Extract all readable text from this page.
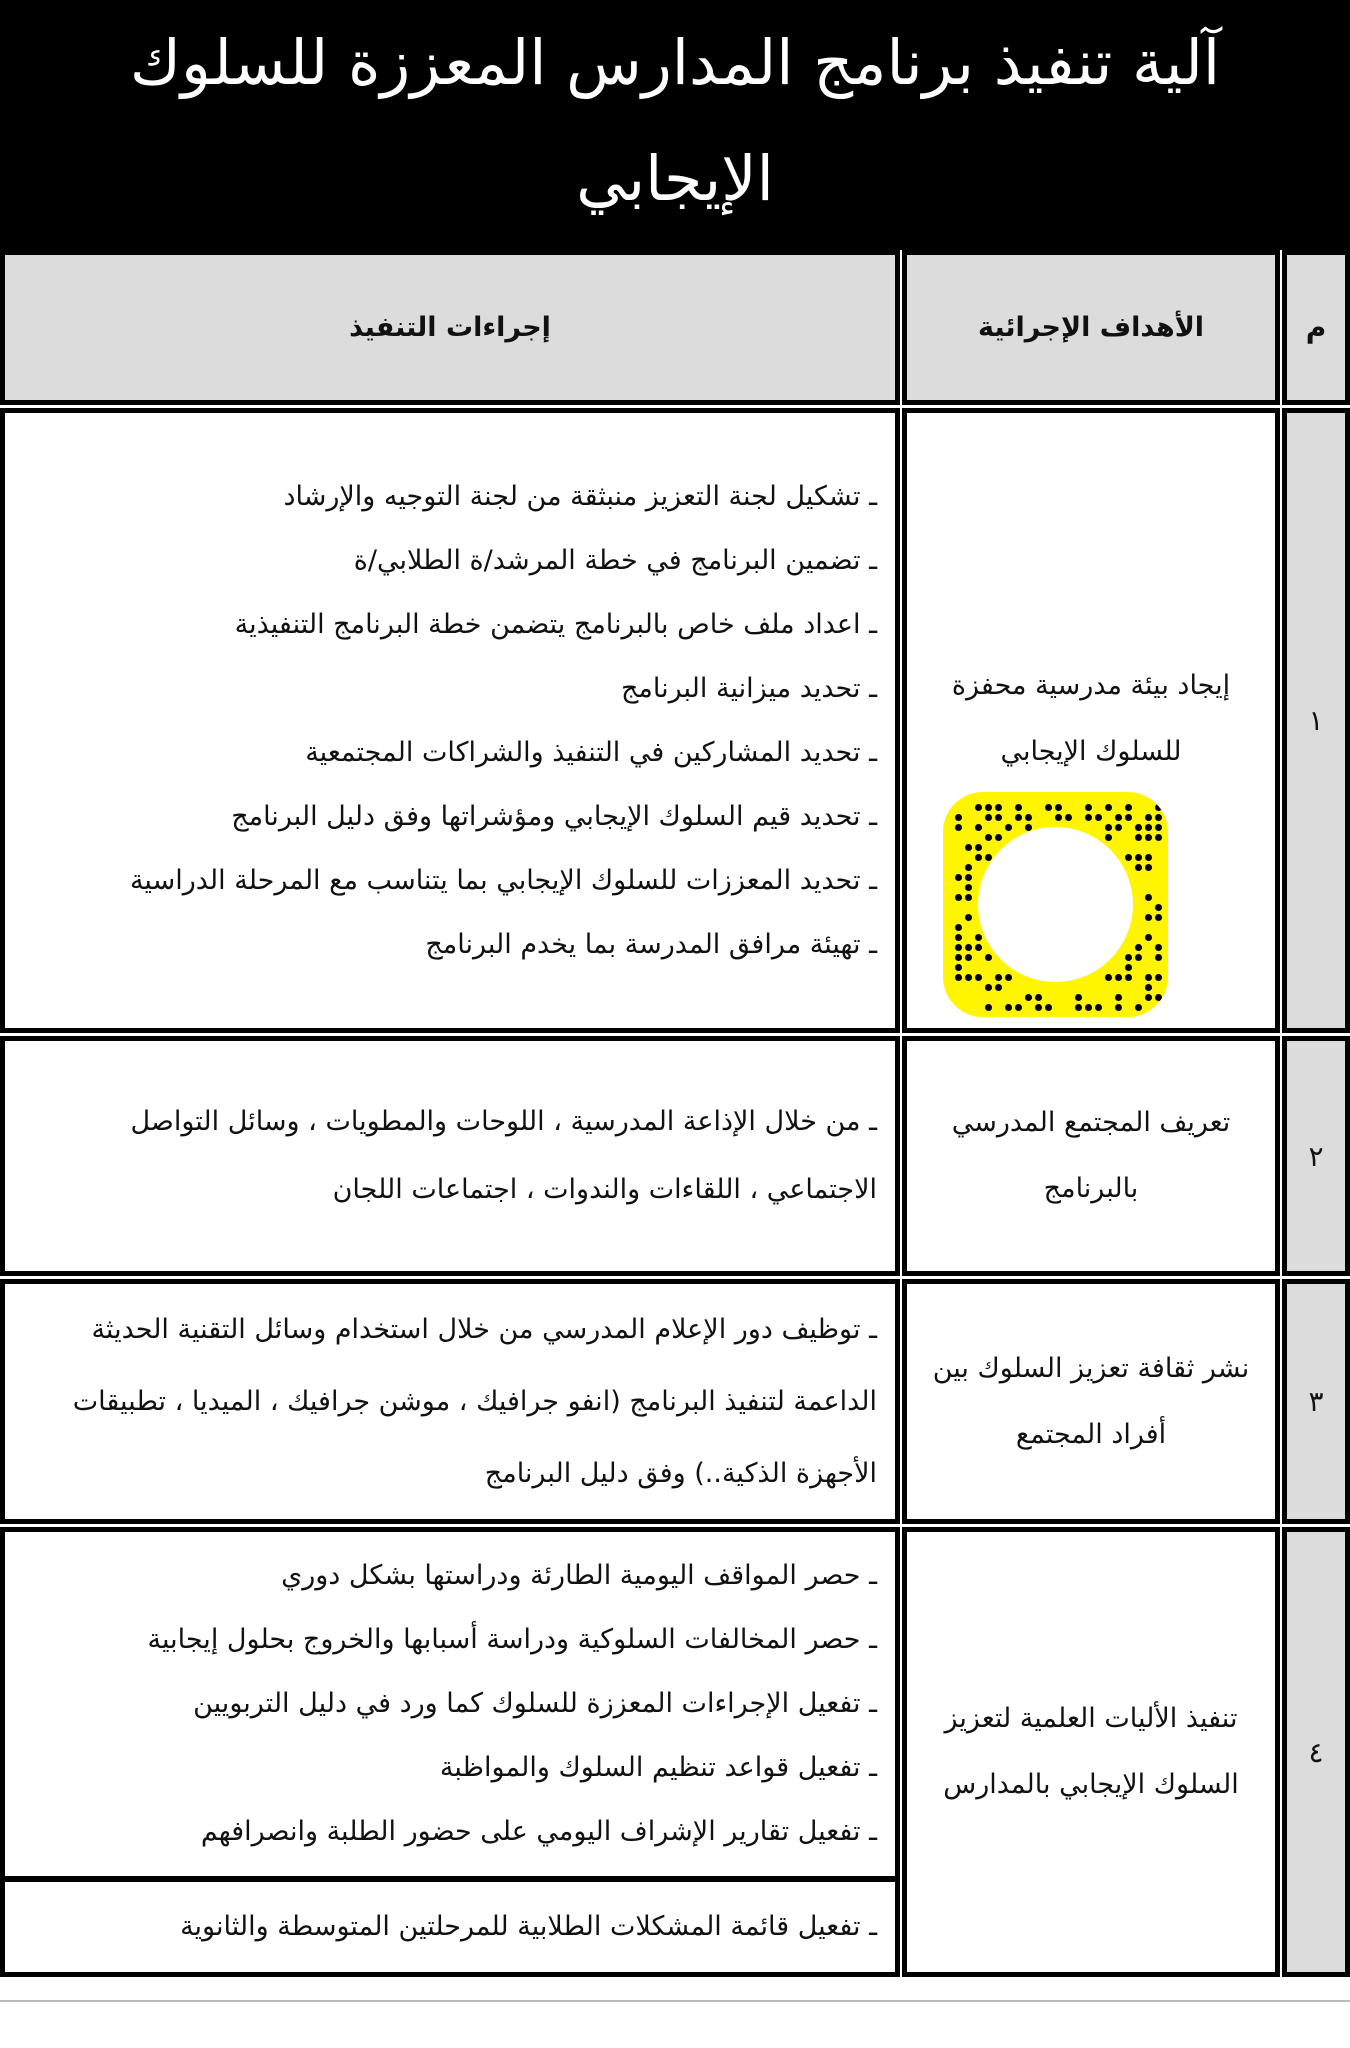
آلية تنفيذ برنامج المدارس المعززة للسلوك
الإيجابي
م
الأهداف الإجرائية
إجراءات التنفيذ
١
إيجاد بيئة مدرسية محفزة
للسلوك الإيجابي
ـ تشكيل لجنة التعزيز منبثقة من لجنة التوجيه والإرشاد
ـ تضمين البرنامج في خطة المرشد/ة الطلابي/ة
ـ اعداد ملف خاص بالبرنامج يتضمن خطة البرنامج التنفيذية
ـ تحديد ميزانية البرنامج
ـ تحديد المشاركين في التنفيذ والشراكات المجتمعية
ـ تحديد قيم السلوك الإيجابي ومؤشراتها وفق دليل البرنامج
ـ تحديد المعززات للسلوك الإيجابي بما يتناسب مع المرحلة الدراسية
ـ تهيئة مرافق المدرسة بما يخدم البرنامج
٢
تعريف المجتمع المدرسي
بالبرنامج
ـ من خلال الإذاعة المدرسية ، اللوحات والمطويات ، وسائل التواصل الاجتماعي ، اللقاءات والندوات ، اجتماعات اللجان
٣
نشر ثقافة تعزيز السلوك بين
أفراد المجتمع
ـ توظيف دور الإعلام المدرسي من خلال استخدام وسائل التقنية الحديثة الداعمة لتنفيذ البرنامج (انفو جرافيك ، موشن جرافيك ، الميديا ، تطبيقات الأجهزة الذكية..) وفق دليل البرنامج
٤
تنفيذ الأليات العلمية لتعزيز
السلوك الإيجابي بالمدارس
ـ حصر المواقف اليومية الطارئة ودراستها بشكل دوري
ـ حصر المخالفات السلوكية ودراسة أسبابها والخروج بحلول إيجابية
ـ تفعيل الإجراءات المعززة للسلوك كما ورد في دليل التربويين
ـ تفعيل قواعد تنظيم السلوك والمواظبة
ـ تفعيل تقارير الإشراف اليومي على حضور الطلبة وانصرافهم
ـ تفعيل قائمة المشكلات الطلابية للمرحلتين المتوسطة والثانوية
